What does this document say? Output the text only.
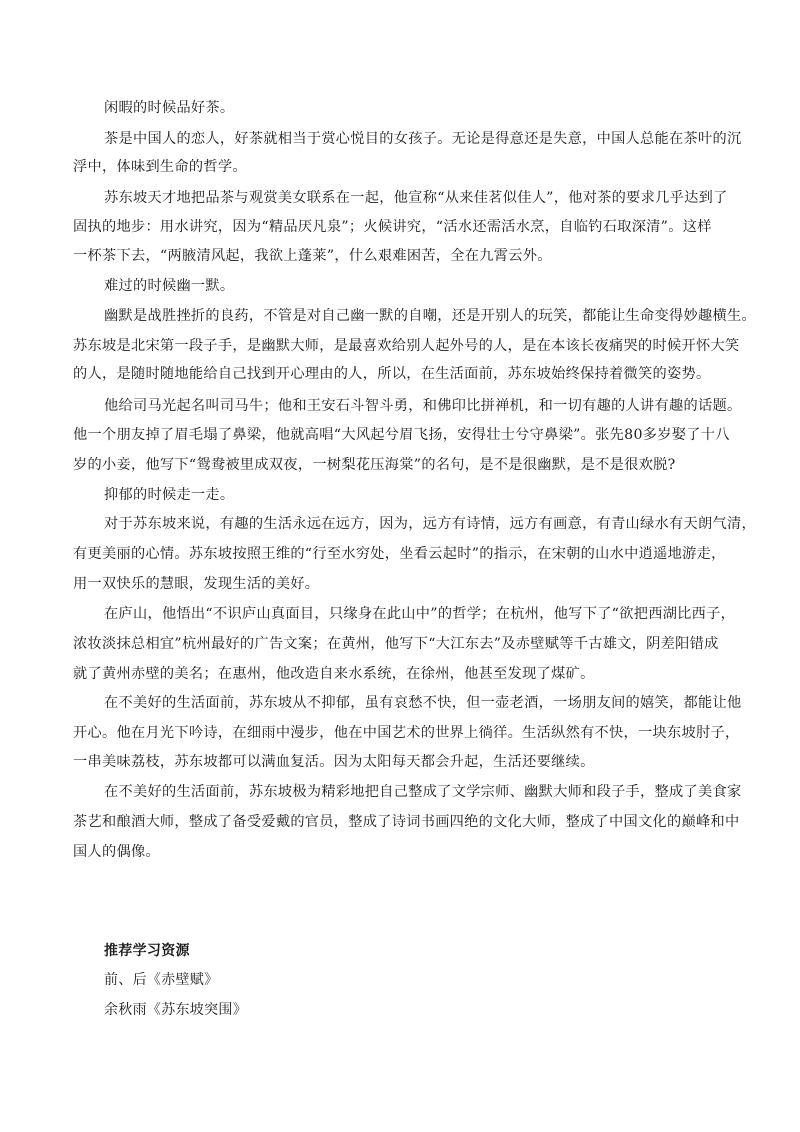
闲暇的时候品好茶。
茶是中国人的恋人，好茶就相当于赏心悦目的女孩子。无论是得意还是失意，中国人总能在茶叶的沉
浮中，体味到生命的哲学。
苏东坡天才地把品茶与观赏美女联系在一起，他宣称“从来佳茗似佳人”，他对茶的要求几乎达到了
固执的地步：用水讲究，因为“精品厌凡泉”；火候讲究，“活水还需活水烹，自临钓石取深清”。这样
一杯茶下去，“两腋清风起，我欲上蓬莱”，什么艰难困苦，全在九霄云外。
难过的时候幽一默。
幽默是战胜挫折的良药，不管是对自己幽一默的自嘲，还是开别人的玩笑，都能让生命变得妙趣横生。
苏东坡是北宋第一段子手，是幽默大师，是最喜欢给别人起外号的人，是在本该长夜痛哭的时候开怀大笑
的人，是随时随地能给自己找到开心理由的人，所以，在生活面前，苏东坡始终保持着微笑的姿势。
他给司马光起名叫司马牛；他和王安石斗智斗勇，和佛印比拼禅机，和一切有趣的人讲有趣的话题。
他一个朋友掉了眉毛塌了鼻梁，他就高唱“大风起兮眉飞扬，安得壮士兮守鼻梁”。张先80多岁娶了十八
岁的小妾，他写下“鸳鸯被里成双夜，一树梨花压海棠”的名句，是不是很幽默，是不是很欢脱?
抑郁的时候走一走。
对于苏东坡来说，有趣的生活永远在远方，因为，远方有诗情，远方有画意，有青山绿水有天朗气清，
有更美丽的心情。苏东坡按照王维的“行至水穷处，坐看云起时”的指示，在宋朝的山水中逍遥地游走，
用一双快乐的慧眼，发现生活的美好。
在庐山，他悟出“不识庐山真面目，只缘身在此山中”的哲学；在杭州，他写下了“欲把西湖比西子，
浓妆淡抹总相宜”杭州最好的广告文案；在黄州，他写下“大江东去”及赤壁赋等千古雄文，阴差阳错成
就了黄州赤壁的美名；在惠州，他改造自来水系统，在徐州，他甚至发现了煤矿。
在不美好的生活面前，苏东坡从不抑郁，虽有哀愁不快，但一壶老酒，一场朋友间的嬉笑，都能让他
开心。他在月光下吟诗，在细雨中漫步，他在中国艺术的世界上徜徉。生活纵然有不快，一块东坡肘子，
一串美味荔枝，苏东坡都可以满血复活。因为太阳每天都会升起，生活还要继续。
在不美好的生活面前，苏东坡极为精彩地把自己整成了文学宗师、幽默大师和段子手，整成了美食家
茶艺和酿酒大师，整成了备受爱戴的官员，整成了诗词书画四绝的文化大师，整成了中国文化的巅峰和中
国人的偶像。
推荐学习资源
前、后《赤壁赋》
余秋雨《苏东坡突围》
